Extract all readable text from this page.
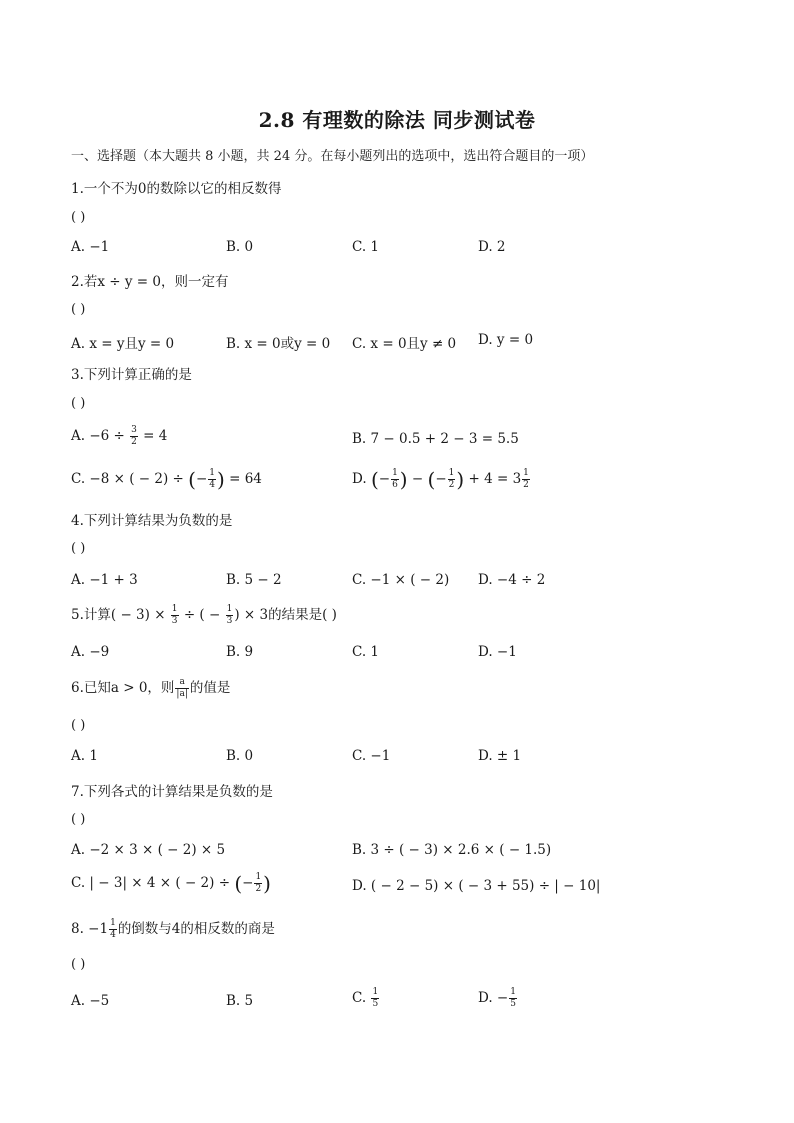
2.8 有理数的除法 同步测试卷
一、选择题（本大题共 8 小题，共 24 分。在每小题列出的选项中，选出符合题目的一项）
1.一个不为0的数除以它的相反数得
( )
A. −1	B. 0	C. 1	D. 2
2.若x ÷ y = 0，则一定有
( )
A. x = y且y = 0	B. x = 0或y = 0 C. x = 0且y ≠ 0 D. y = 0
3.下列计算正确的是
( )
A. $-6 \div \frac{3}{2} = 4$	B. 7 − 0.5 + 2 − 3 = 5.5
C. −8 × ( − 2) ÷ (− $\frac{1}{4}$ ) = 64	D. (− $\frac{1}{6}$ ) − (− $\frac{1}{2}$ ) + $4 = 3 \frac{1}{2}$
4.下列计算结果为负数的是
( )
A. −1 + 3	B. 5 − 2	C. −1 × ( − 2) D. −4 ÷ 2
5.计算( − $3) \times \frac{1}{3}$ ÷ ( − $\frac{1}{3}$ ) × 3的结果是( )
A. −9	B. 9	C. 1	D. −1
6.已知a > 0，则 $\frac{a}{|a|}$ 的值是
( )
A. 1	B. 0	C. −1	D. ± 1
7.下列各式的计算结果是负数的是
( )
A. −2 × 3 × ( − 2) × 5	B. 3 ÷ ( − 3) × 2.6 × ( − 1.5)
C. | − 3| × 4 × ( − 2) ÷ (− $\frac{1}{2}$ )	D. ( − 2 − 5) × ( − 3 + 55) ÷ | − 10|
8. $-1 \frac{1}{4}$ 的倒数与4的相反数的商是
( )
A. −5	B. 5	C. $\frac{1}{5}$	D. − $\frac{1}{5}$
